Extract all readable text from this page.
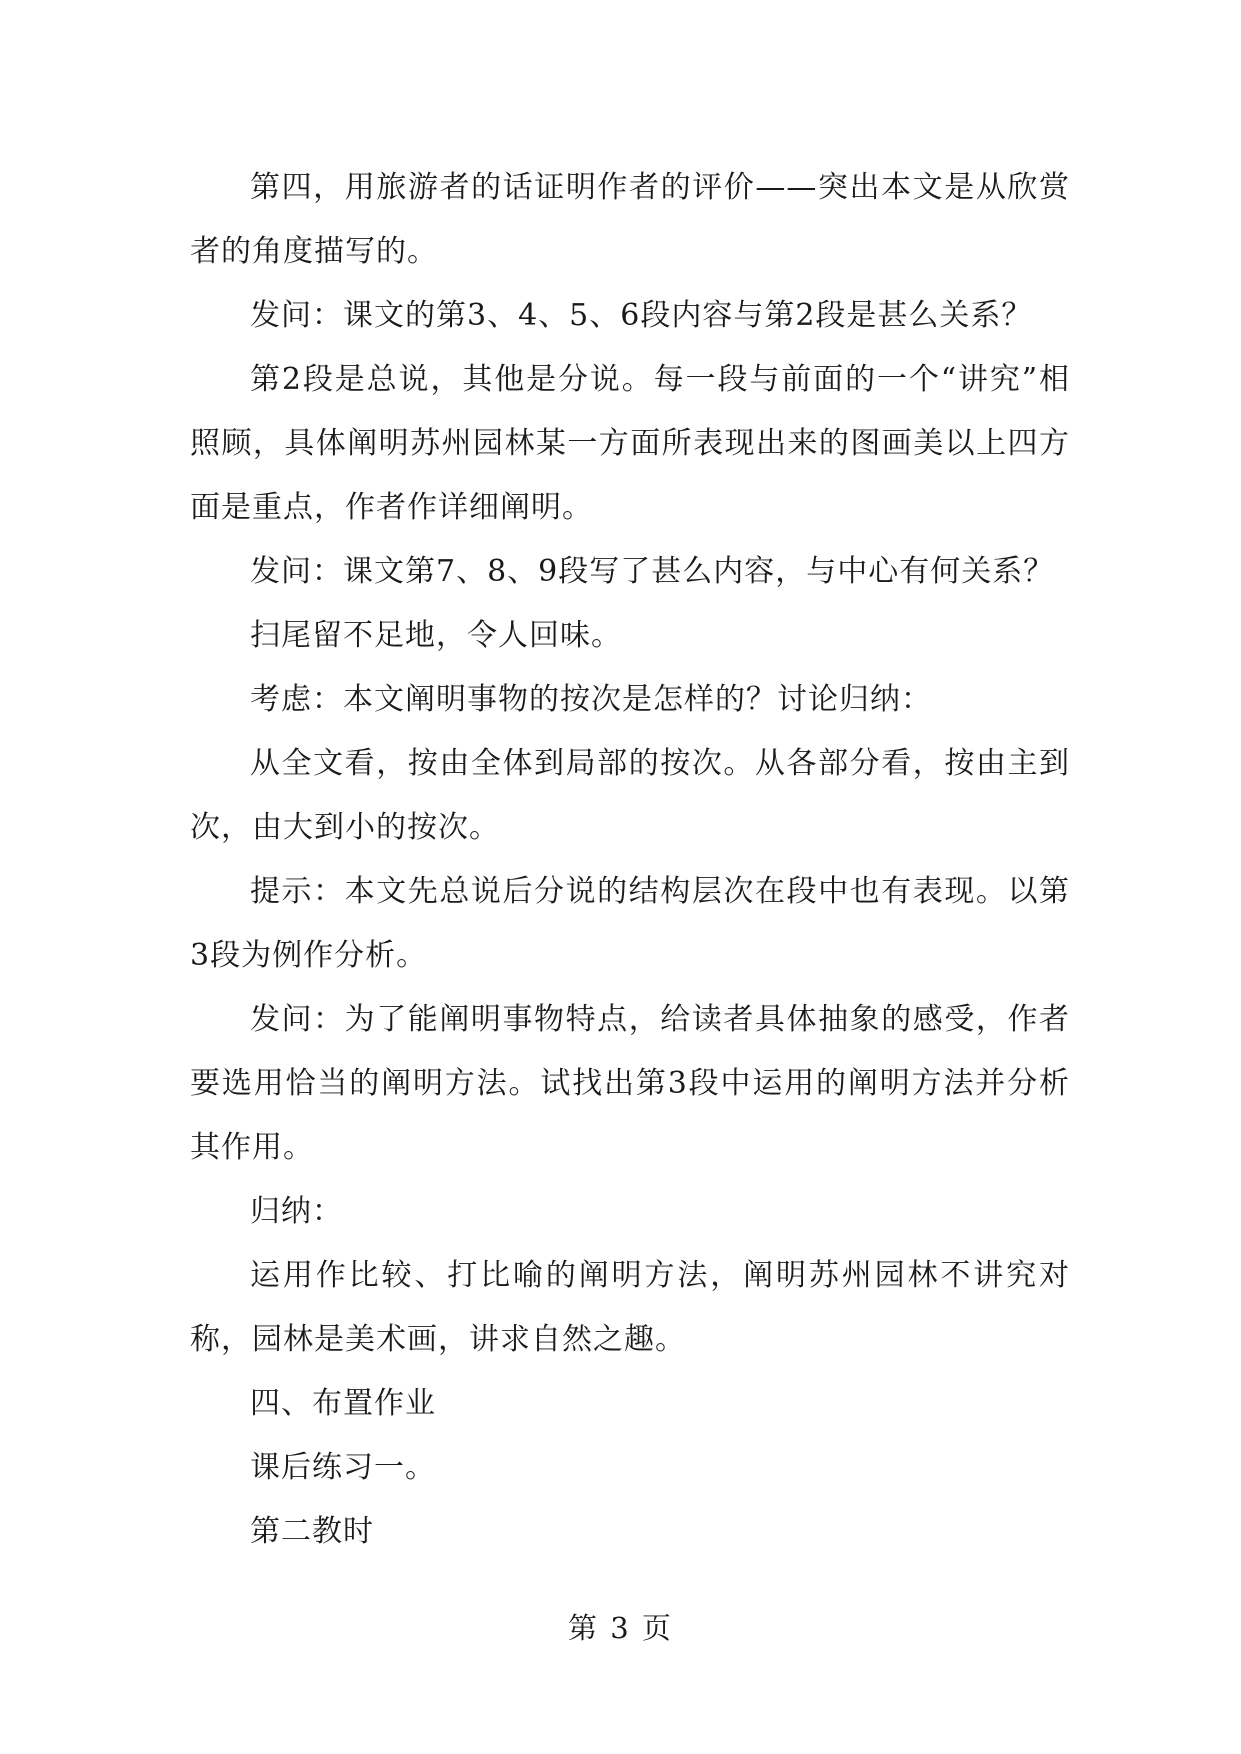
第四，用旅游者的话证明作者的评价——突出本文是从欣赏者的角度描写的。

发问：课文的第3、4、5、6段内容与第2段是甚么关系？

第2段是总说，其他是分说。每一段与前面的一个“讲究”相照顾，具体阐明苏州园林某一方面所表现出来的图画美以上四方面是重点，作者作详细阐明。

发问：课文第7、8、9段写了甚么内容，与中心有何关系？

扫尾留不足地，令人回味。

考虑：本文阐明事物的按次是怎样的？讨论归纳：

从全文看，按由全体到局部的按次。从各部分看，按由主到次，由大到小的按次。

提示：本文先总说后分说的结构层次在段中也有表现。以第3段为例作分析。

发问：为了能阐明事物特点，给读者具体抽象的感受，作者要选用恰当的阐明方法。试找出第3段中运用的阐明方法并分析其作用。

归纳：

运用作比较、打比喻的阐明方法，阐明苏州园林不讲究对称，园林是美术画，讲求自然之趣。

四、布置作业

课后练习一。

第二教时

第 3 页
